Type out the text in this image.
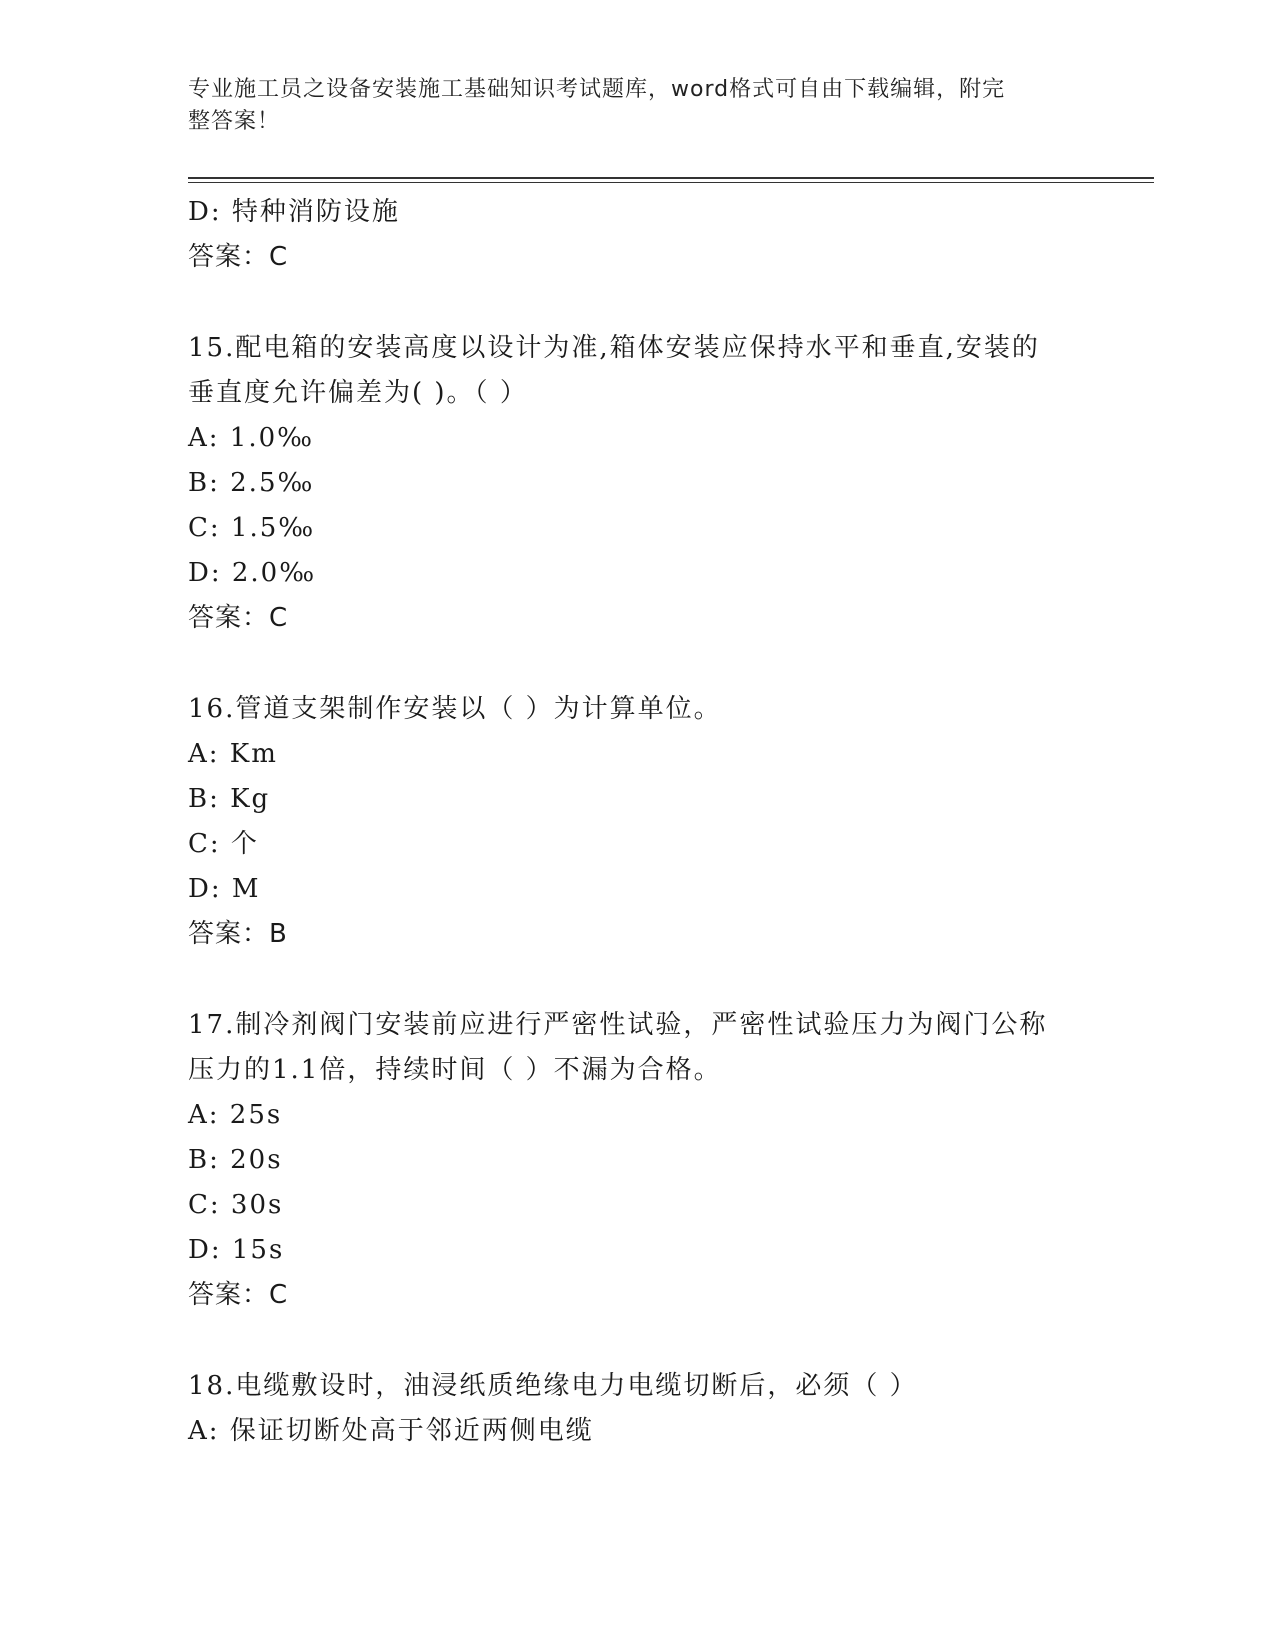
专业施工员之设备安装施工基础知识考试题库，word格式可自由下载编辑，附完
整答案！
D: 特种消防设施
答案：C
15.配电箱的安装高度以设计为准,箱体安装应保持水平和垂直,安装的
垂直度允许偏差为( )。（ ）
A: 1.0‰
B: 2.5‰
C: 1.5‰
D: 2.0‰
答案：C
16.管道支架制作安装以（ ）为计算单位。
A: Km
B: Kg
C: 个
D: M
答案：B
17.制冷剂阀门安装前应进行严密性试验，严密性试验压力为阀门公称
压力的1.1倍，持续时间（ ）不漏为合格。
A: 25s
B: 20s
C: 30s
D: 15s
答案：C
18.电缆敷设时，油浸纸质绝缘电力电缆切断后，必须（ ）
A: 保证切断处高于邻近两侧电缆
